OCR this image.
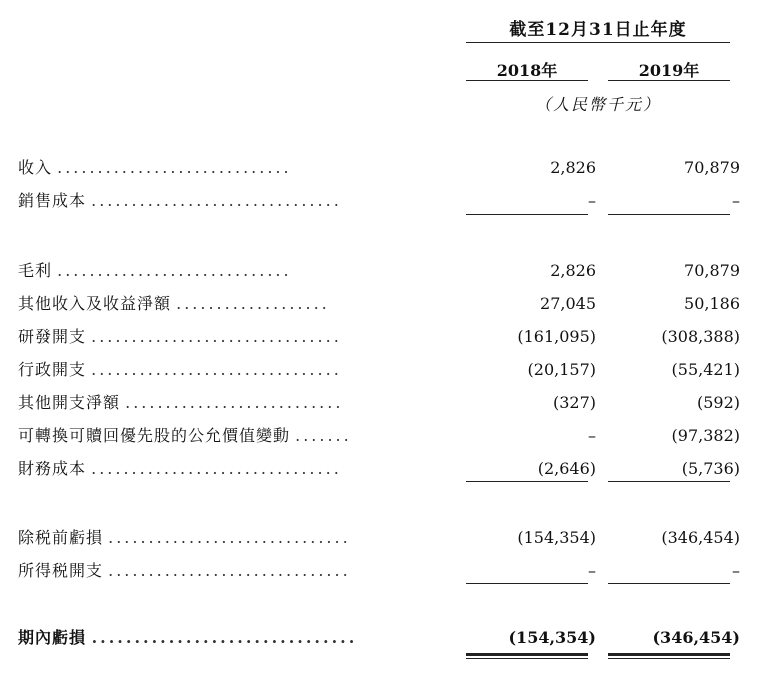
截至12月31日止年度
2018年	2019年
（人民幣千元）
收入 .............................	2,826	70,879
銷售成本 ...............................	–	–
毛利 .............................	2,826	70,879
其他收入及收益淨額 ...................	27,045	50,186
研發開支 ...............................	(161,095)	(308,388)
行政開支 ...............................	(20,157)	(55,421)
其他開支淨額 ...........................	(327)	(592)
可轉換可贖回優先股的公允價值變動 .......	–	(97,382)
財務成本 ...............................	(2,646)	(5,736)
除税前虧損 ..............................	(154,354)	(346,454)
所得税開支 ..............................	–	–
期內虧損 ...............................	(154,354)	(346,454)
